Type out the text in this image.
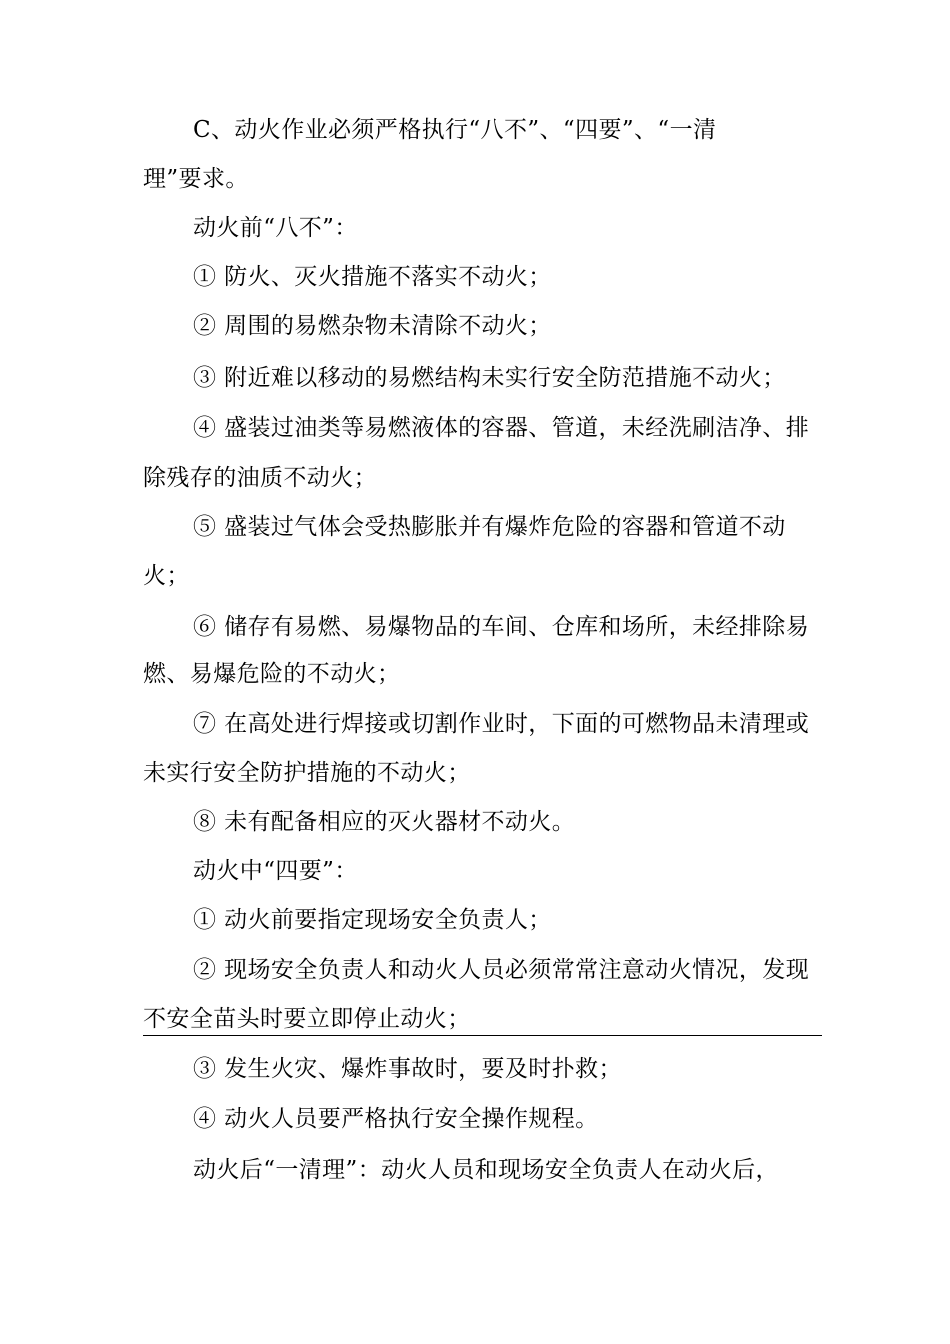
C、动火作业必须严格执行“八不”、“四要”、“一清
理”要求。
动火前“八不”：
① 防火、灭火措施不落实不动火；
② 周围的易燃杂物未清除不动火；
③ 附近难以移动的易燃结构未实行安全防范措施不动火；
④ 盛装过油类等易燃液体的容器、管道，未经洗刷洁净、排
除残存的油质不动火；
⑤ 盛装过气体会受热膨胀并有爆炸危险的容器和管道不动
火；
⑥ 储存有易燃、易爆物品的车间、仓库和场所，未经排除易
燃、易爆危险的不动火；
⑦ 在高处进行焊接或切割作业时，下面的可燃物品未清理或
未实行安全防护措施的不动火；
⑧ 未有配备相应的灭火器材不动火。
动火中“四要”：
① 动火前要指定现场安全负责人；
② 现场安全负责人和动火人员必须常常注意动火情况，发现
不安全苗头时要立即停止动火；
③ 发生火灾、爆炸事故时，要及时扑救；
④ 动火人员要严格执行安全操作规程。
动火后“一清理”：动火人员和现场安全负责人在动火后，
